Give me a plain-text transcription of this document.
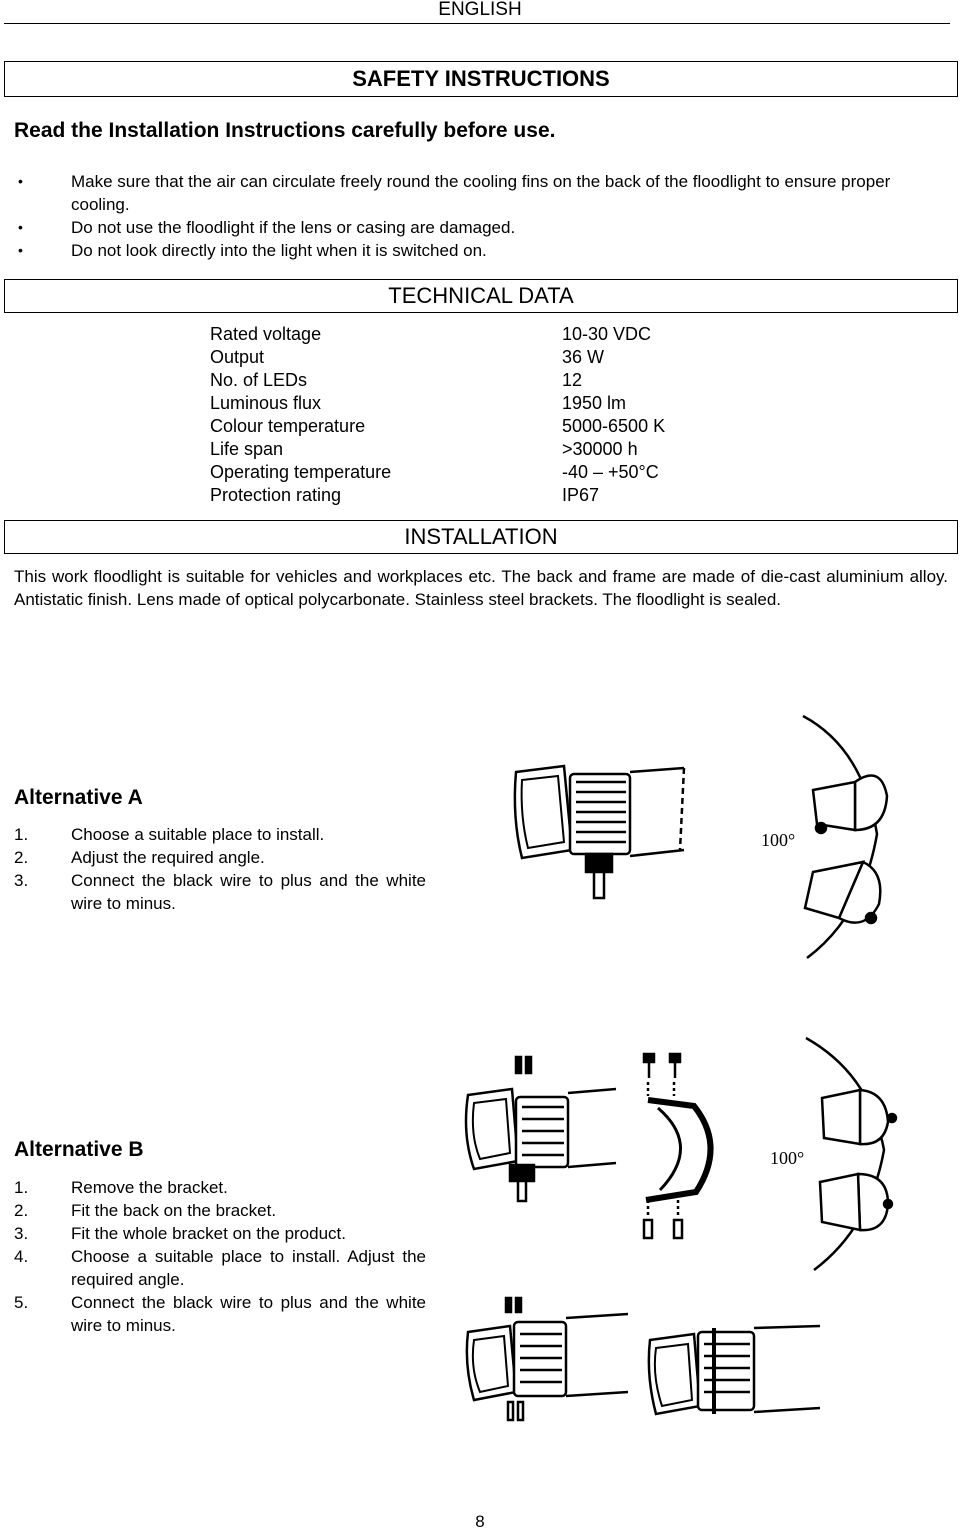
ENGLISH
SAFETY INSTRUCTIONS
Read the Installation Instructions carefully before use.
• Make sure that the air can circulate freely round the cooling fins on the back of the floodlight to ensure proper cooling.
• Do not use the floodlight if the lens or casing are damaged.
• Do not look directly into the light when it is switched on.
TECHNICAL DATA
Rated voltage	10-30 VDC
Output	36 W
No. of LEDs	12
Luminous flux	1950 lm
Colour temperature	5000-6500 K
Life span	>30000 h
Operating temperature	-40 – +50°C
Protection rating	IP67
INSTALLATION
This work floodlight is suitable for vehicles and workplaces etc. The back and frame are made of die-cast aluminium alloy. Antistatic finish. Lens made of optical polycarbonate. Stainless steel brackets. The floodlight is sealed.
Alternative A
1.	Choose a suitable place to install.
2.	Adjust the required angle.
3.	Connect the black wire to plus and the white wire to minus.
100°
Alternative B
1.	Remove the bracket.
2.	Fit the back on the bracket.
3.	Fit the whole bracket on the product.
4.	Choose a suitable place to install. Adjust the required angle.
5.	Connect the black wire to plus and the white wire to minus.
100°
8
